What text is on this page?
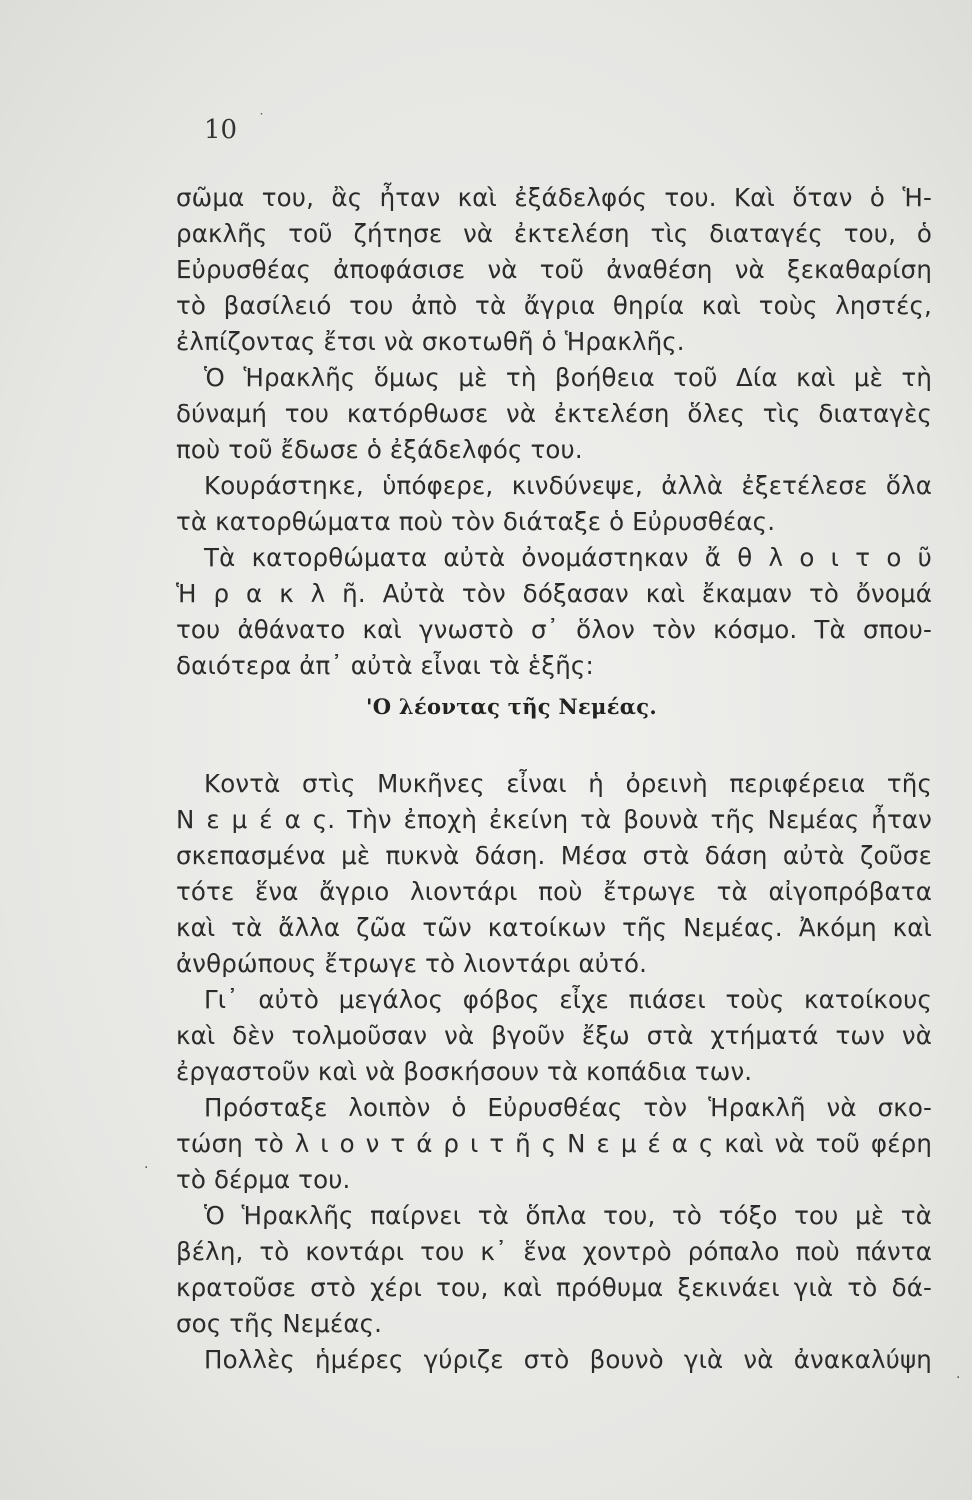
10
σῶμα του, ἂς ἦταν καὶ ἐξάδελφός του. Καὶ ὅταν ὁ Ἡ-
ρακλῆς τοῦ ζήτησε νὰ ἐκτελέση τὶς διαταγές του, ὁ
Εὐρυσθέας ἀποφάσισε νὰ τοῦ ἀναθέση νὰ ξεκαθαρίση
τὸ βασίλειό του ἀπὸ τὰ ἄγρια θηρία καὶ τοὺς ληστές,
ἐλπίζοντας ἔτσι νὰ σκοτωθῆ ὁ Ἡρακλῆς.
Ὁ Ἡρακλῆς ὅμως μὲ τὴ βοήθεια τοῦ Δία καὶ μὲ τὴ
δύναμή του κατόρθωσε νὰ ἐκτελέση ὅλες τὶς διαταγὲς
ποὺ τοῦ ἔδωσε ὁ ἐξάδελφός του.
Κουράστηκε, ὑπόφερε, κινδύνεψε, ἀλλὰ ἐξετέλεσε ὅλα
τὰ κατορθώματα ποὺ τὸν διάταξε ὁ Εὐρυσθέας.
Τὰ κατορθώματα αὐτὰ ὀνομάστηκαν ἄ θ λ ο ι τ ο ῦ
Ἡ ρ α κ λ ῆ. Αὐτὰ τὸν δόξασαν καὶ ἔκαμαν τὸ ὄνομά
του ἀθάνατο καὶ γνωστὸ σ᾽ ὅλον τὸν κόσμο. Τὰ σπου-
δαιότερα ἀπ᾽ αὐτὰ εἶναι τὰ ἑξῆς:
'Ο λέοντας τῆς Νεμέας.
Κοντὰ στὶς Μυκῆνες εἶναι ἡ ὀρεινὴ περιφέρεια τῆς
Ν ε μ έ α ς. Τὴν ἐποχὴ ἐκείνη τὰ βουνὰ τῆς Νεμέας ἦταν
σκεπασμένα μὲ πυκνὰ δάση. Μέσα στὰ δάση αὐτὰ ζοῦσε
τότε ἕνα ἄγριο λιοντάρι ποὺ ἔτρωγε τὰ αἰγοπρόβατα
καὶ τὰ ἄλλα ζῶα τῶν κατοίκων τῆς Νεμέας. Ἀκόμη καὶ
ἀνθρώπους ἔτρωγε τὸ λιοντάρι αὐτό.
Γι᾽ αὐτὸ μεγάλος φόβος εἶχε πιάσει τοὺς κατοίκους
καὶ δὲν τολμοῦσαν νὰ βγοῦν ἔξω στὰ χτήματά των νὰ
ἐργαστοῦν καὶ νὰ βοσκήσουν τὰ κοπάδια των.
Πρόσταξε λοιπὸν ὁ Εὐρυσθέας τὸν Ἡρακλῆ νὰ σκο-
τώση τὸ λ ι ο ν τ ά ρ ι τ ῆ ς Ν ε μ έ α ς καὶ νὰ τοῦ φέρη
τὸ δέρμα του.
Ὁ Ἡρακλῆς παίρνει τὰ ὅπλα του, τὸ τόξο του μὲ τὰ
βέλη, τὸ κοντάρι του κ᾽ ἕνα χοντρὸ ρόπαλο ποὺ πάντα
κρατοῦσε στὸ χέρι του, καὶ πρόθυμα ξεκινάει γιὰ τὸ δά-
σος τῆς Νεμέας.
Πολλὲς ἡμέρες γύριζε στὸ βουνὸ γιὰ νὰ ἀνακαλύψη
˙
·
·
